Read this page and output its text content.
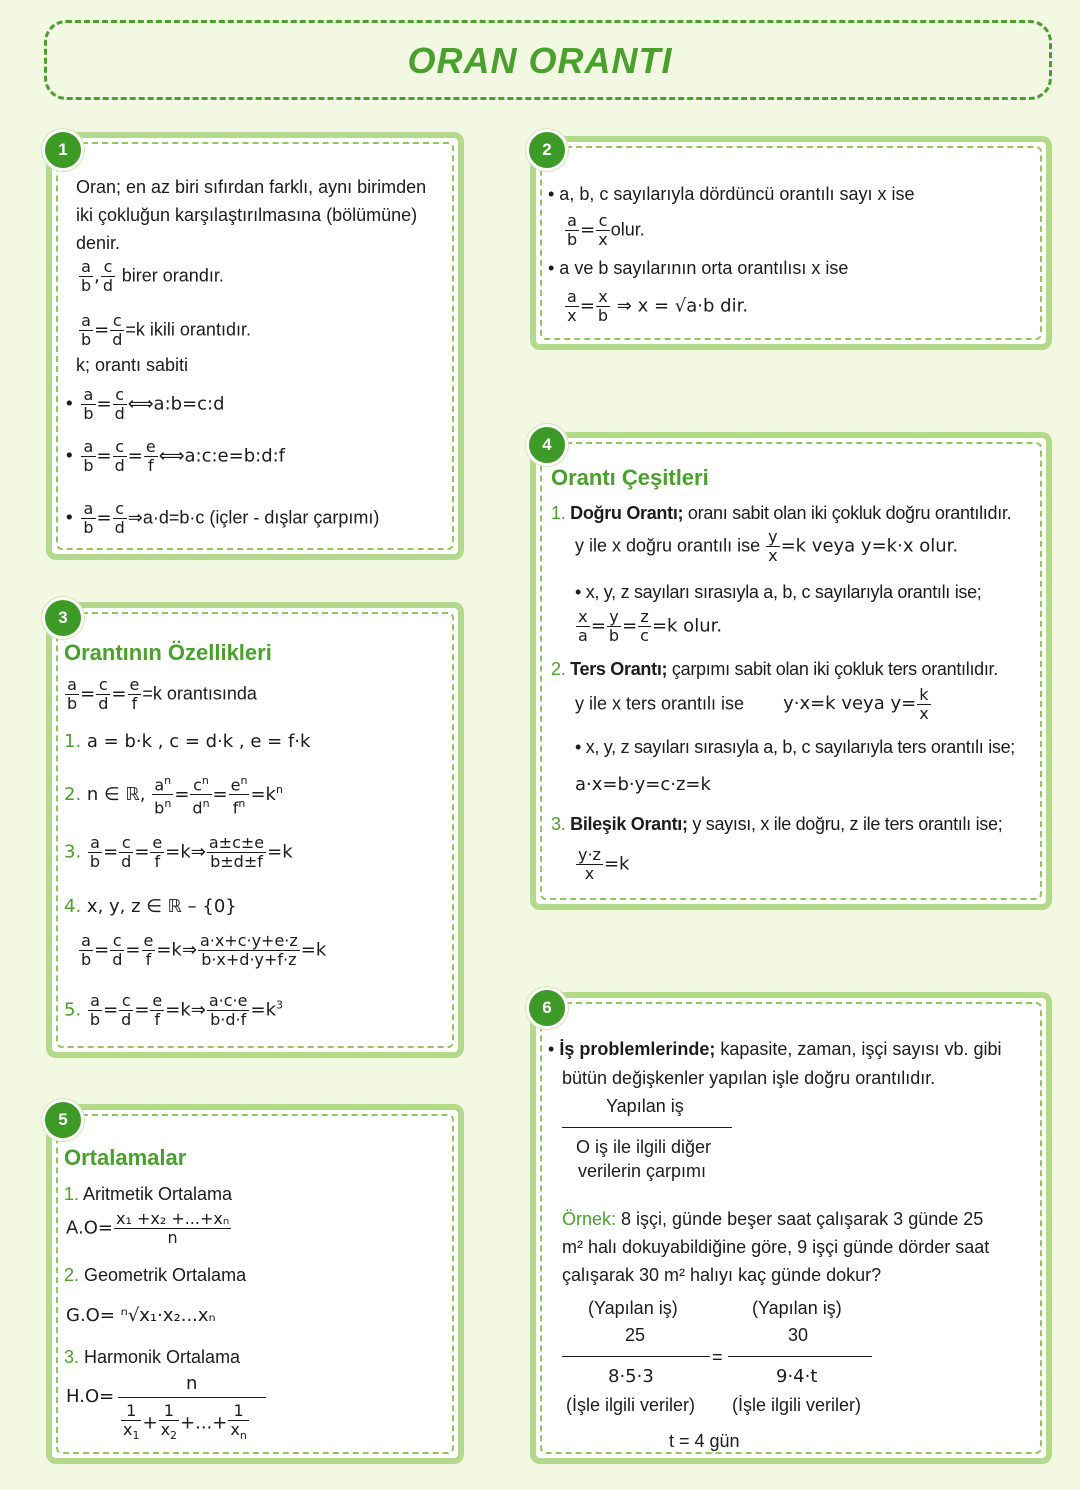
ORAN ORANTI
1
Oran; en az biri sıfırdan farklı, aynı birimden
iki çokluğun karşılaştırılmasına (bölümüne)
denir.
$\frac{a}{b}$ , $\frac{c}{d}$ birer orandır.
$\frac{a}{b} = \frac{c}{d} =k$ ikili orantıdır.
k; orantı sabiti
• $\frac{a}{b} = \frac{c}{d}$ ⟺a:b=c:d
• $\frac{a}{b} = \frac{c}{d} = \frac{e}{f}$ ⟺a:c:e=b:d:f
• $\frac{a}{b} = \frac{c}{d}$ ⇒a·d=b·c (içler - dışlar çarpımı)
2
• a, b, c sayılarıyla dördüncü orantılı sayı x ise
$\frac{a}{b} = \frac{c}{x}$ olur.
• a ve b sayılarının orta orantılısı x ise
$\frac{a}{x} = \frac{x}{b}$ ⇒ x = √a·b dir.
3
Orantının Özellikleri
$\frac{a}{b} = \frac{c}{d} = \frac{e}{f} =k$ orantısında
1. a = b·k , c = d·k , e = f·k
2. n ∈ ℝ, $\frac{a^n}{b^n} = \frac{c^n}{d^n} = \frac{e^n}{f^n} =k^n$
3. $\frac{a}{b} = \frac{c}{d} = \frac{e}{f}$ =k⇒ $\frac{a\pm c\pm e}{b\pm d\pm f} =k$
4. x, y, z ∈ ℝ – {0}
$\frac{a}{b} = \frac{c}{d} = \frac{e}{f}$ =k⇒ $\frac{a\cdot x+c\cdot y+e\cdot z}{b\cdot x+d\cdot y+f\cdot z} =k$
5. $\frac{a}{b} = \frac{c}{d} = \frac{e}{f}$ =k⇒ $\frac{a\cdot c\cdot e}{b\cdot d\cdot f} =k^3$
4
Orantı Çeşitleri
1. Doğru Orantı; oranı sabit olan iki çokluk doğru orantılıdır.
y ile x doğru orantılı ise $\frac{y}{x} =k$ veya y=k·x olur.
• x, y, z sayıları sırasıyla a, b, c sayılarıyla orantılı ise;
$\frac{x}{a} = \frac{y}{b} = \frac{z}{c} =k$ olur.
2. Ters Orantı; çarpımı sabit olan iki çokluk ters orantılıdır.
y ile x ters orantılı ise y·x=k veya $y= \frac{k}{x}$
• x, y, z sayıları sırasıyla a, b, c sayılarıyla ters orantılı ise;
a·x=b·y=c·z=k
3. Bileşik Orantı; y sayısı, x ile doğru, z ile ters orantılı ise;
$\frac{y\cdot z}{x} =k$
5
Ortalamalar
1. Aritmetik Ortalama
$A.O= \frac{\text{x₁ +x₂ +...+xₙ}}{n}$
2. Geometrik Ortalama
G.O= ⁿ√x₁·x₂...xₙ
3. Harmonik Ortalama
H.O=
n
$\frac{1}{x_1} + \frac{1}{x_2}$ +...+ $\frac{1}{x_n}$
6
• İş problemlerinde; kapasite, zaman, işçi sayısı vb. gibi
bütün değişkenler yapılan işle doğru orantılıdır.
Yapılan iş
O iş ile ilgili diğer
verilerin çarpımı
Örnek: 8 işçi, günde beşer saat çalışarak 3 günde 25
m² halı dokuyabildiğine göre, 9 işçi günde dörder saat
çalışarak 30 m² halıyı kaç günde dokur?
(Yapılan iş)
25
=
8·5·3
(İşle ilgili veriler)
(Yapılan iş)
30
9·4·t
(İşle ilgili veriler)
t = 4 gün
